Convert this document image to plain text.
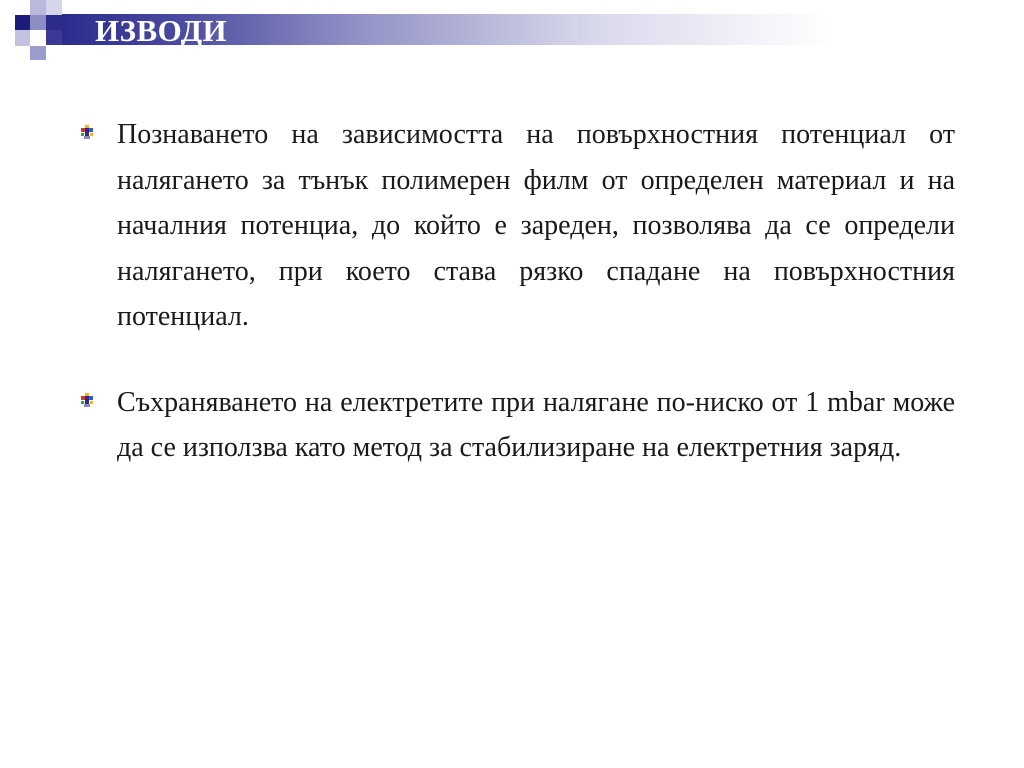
ИЗВОДИ

Познаването на зависимостта на повърхностния потенциал от налягането за тънък полимерен филм от определен материал и на началния потенциа, до който е зареден, позволява да се определи налягането, при което става рязко спадане на повърхностния потенциал.

Съхраняването на електретите при налягане по-ниско от 1 mbar може да се използва като метод за стабилизиране на електретния заряд.
